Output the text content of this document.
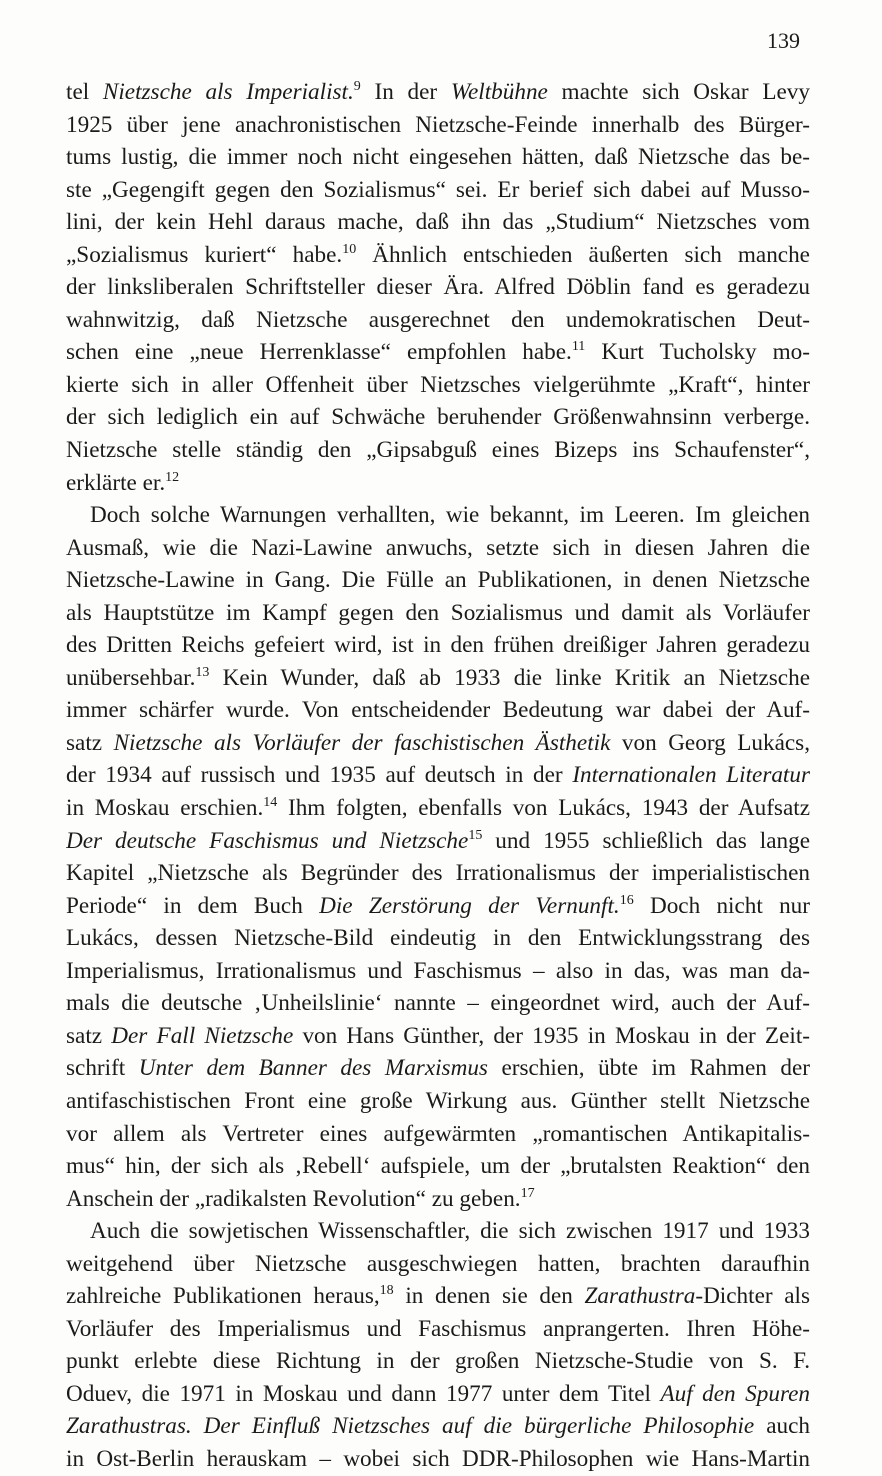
139
tel Nietzsche als Imperialist.$^9$ In der Weltbühne machte sich Oskar Levy
1925 über jene anachronistischen Nietzsche-Feinde innerhalb des Bürger-
tums lustig, die immer noch nicht eingesehen hätten, daß Nietzsche das be-
ste „Gegengift gegen den Sozialismus“ sei. Er berief sich dabei auf Musso-
lini, der kein Hehl daraus mache, daß ihn das „Studium“ Nietzsches vom
„Sozialismus kuriert“ habe.$^{10}$ Ähnlich entschieden äußerten sich manche
der linksliberalen Schriftsteller dieser Ära. Alfred Döblin fand es geradezu
wahnwitzig, daß Nietzsche ausgerechnet den undemokratischen Deut-
schen eine „neue Herrenklasse“ empfohlen habe.$^{11}$ Kurt Tucholsky mo-
kierte sich in aller Offenheit über Nietzsches vielgerühmte „Kraft“, hinter
der sich lediglich ein auf Schwäche beruhender Größenwahnsinn verberge.
Nietzsche stelle ständig den „Gipsabguß eines Bizeps ins Schaufenster“,
erklärte er.$^{12}$
Doch solche Warnungen verhallten, wie bekannt, im Leeren. Im gleichen
Ausmaß, wie die Nazi-Lawine anwuchs, setzte sich in diesen Jahren die
Nietzsche-Lawine in Gang. Die Fülle an Publikationen, in denen Nietzsche
als Hauptstütze im Kampf gegen den Sozialismus und damit als Vorläufer
des Dritten Reichs gefeiert wird, ist in den frühen dreißiger Jahren geradezu
unübersehbar.$^{13}$ Kein Wunder, daß ab 1933 die linke Kritik an Nietzsche
immer schärfer wurde. Von entscheidender Bedeutung war dabei der Auf-
satz Nietzsche als Vorläufer der faschistischen Ästhetik von Georg Lukács,
der 1934 auf russisch und 1935 auf deutsch in der Internationalen Literatur
in Moskau erschien.$^{14}$ Ihm folgten, ebenfalls von Lukács, 1943 der Aufsatz
Der deutsche Faschismus und Nietzsche$^{15}$ und 1955 schließlich das lange
Kapitel „Nietzsche als Begründer des Irrationalismus der imperialistischen
Periode“ in dem Buch Die Zerstörung der Vernunft.$^{16}$ Doch nicht nur
Lukács, dessen Nietzsche-Bild eindeutig in den Entwicklungsstrang des
Imperialismus, Irrationalismus und Faschismus – also in das, was man da-
mals die deutsche ‚Unheilslinie‘ nannte – eingeordnet wird, auch der Auf-
satz Der Fall Nietzsche von Hans Günther, der 1935 in Moskau in der Zeit-
schrift Unter dem Banner des Marxismus erschien, übte im Rahmen der
antifaschistischen Front eine große Wirkung aus. Günther stellt Nietzsche
vor allem als Vertreter eines aufgewärmten „romantischen Antikapitalis-
mus“ hin, der sich als ‚Rebell‘ aufspiele, um der „brutalsten Reaktion“ den
Anschein der „radikalsten Revolution“ zu geben.$^{17}$
Auch die sowjetischen Wissenschaftler, die sich zwischen 1917 und 1933
weitgehend über Nietzsche ausgeschwiegen hatten, brachten daraufhin
zahlreiche Publikationen heraus,$^{18}$ in denen sie den Zarathustra-Dichter als
Vorläufer des Imperialismus und Faschismus anprangerten. Ihren Höhe-
punkt erlebte diese Richtung in der großen Nietzsche-Studie von S. F.
Oduev, die 1971 in Moskau und dann 1977 unter dem Titel Auf den Spuren
Zarathustras. Der Einfluß Nietzsches auf die bürgerliche Philosophie auch
in Ost-Berlin herauskam – wobei sich DDR-Philosophen wie Hans-Martin
